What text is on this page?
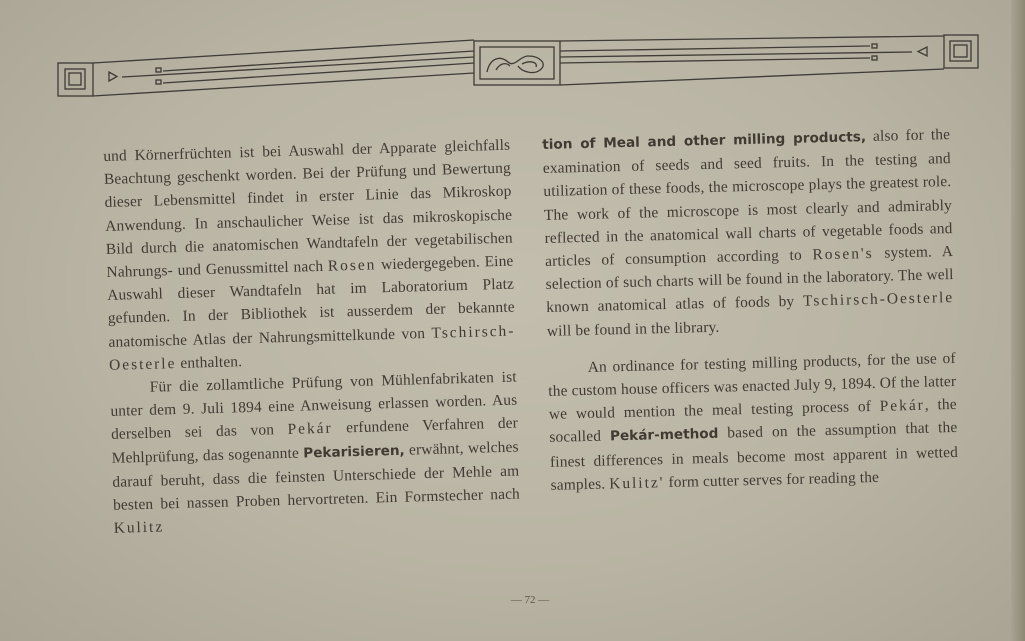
und Körnerfrüchten ist bei Auswahl der Apparate gleichfalls Beachtung geschenkt worden. Bei der Prüfung und Bewertung dieser Lebensmittel findet in erster Linie das Mikroskop Anwendung. In anschaulicher Weise ist das mikroskopische Bild durch die anatomischen Wandtafeln der vegetabilischen Nahrungs- und Genussmittel nach Rosen wiedergegeben. Eine Auswahl dieser Wandtafeln hat im Laboratorium Platz gefunden. In der Bibliothek ist ausserdem der bekannte anatomische Atlas der Nahrungsmittelkunde von Tschirsch-Oesterle enthalten.

Für die zollamtliche Prüfung von Mühlenfabrikaten ist unter dem 9. Juli 1894 eine Anweisung erlassen worden. Aus derselben sei das von Pekár erfundene Verfahren der Mehlprüfung, das sogenannte Pekarisieren, erwähnt, welches darauf beruht, dass die feinsten Unterschiede der Mehle am besten bei nassen Proben hervortreten. Ein Formstecher nach Kulitz

tion of Meal and other milling products, also for the examination of seeds and seed fruits. In the testing and utilization of these foods, the microscope plays the greatest role. The work of the microscope is most clearly and admirably reflected in the anatomical wall charts of vegetable foods and articles of consumption according to Rosen's system. A selection of such charts will be found in the laboratory. The well known anatomical atlas of foods by Tschirsch-Oesterle will be found in the library.

An ordinance for testing milling products, for the use of the custom house officers was enacted July 9, 1894. Of the latter we would mention the meal testing process of Pekár, the socalled Pekár-method based on the assumption that the finest differences in meals become most apparent in wetted samples. Kulitz' form cutter serves for reading the

— 72 —
